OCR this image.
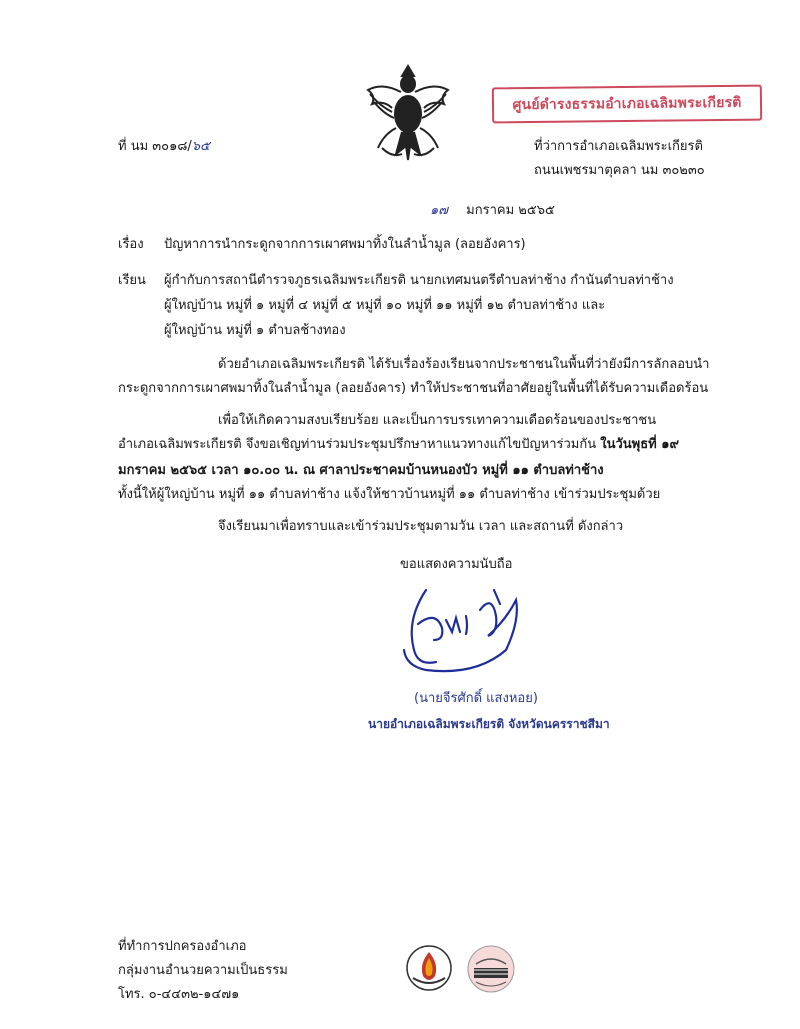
ศูนย์ดำรงธรรมอำเภอเฉลิมพระเกียรติ
ที่ นม ๓๐๑๘/๖๕	ที่ว่าการอำเภอเฉลิมพระเกียรติ
ถนนเพชรมาตุคลา นม ๓๐๒๓๐
๑๗ มกราคม ๒๕๖๕
เรื่อง ปัญหาการนำกระดูกจากการเผาศพมาทิ้งในลำน้ำมูล (ลอยอังคาร)
เรียน ผู้กำกับการสถานีตำรวจภูธรเฉลิมพระเกียรติ นายกเทศมนตรีตำบลท่าช้าง กำนันตำบลท่าช้าง
ผู้ใหญ่บ้าน หมู่ที่ ๑ หมู่ที่ ๔ หมู่ที่ ๕ หมู่ที่ ๑๐ หมู่ที่ ๑๑ หมู่ที่ ๑๒ ตำบลท่าช้าง และ
ผู้ใหญ่บ้าน หมู่ที่ ๑ ตำบลช้างทอง
ด้วยอำเภอเฉลิมพระเกียรติ ได้รับเรื่องร้องเรียนจากประชาชนในพื้นที่ว่ายังมีการลักลอบนำ
กระดูกจากการเผาศพมาทิ้งในลำน้ำมูล (ลอยอังคาร) ทำให้ประชาชนที่อาศัยอยู่ในพื้นที่ได้รับความเดือดร้อน
เพื่อให้เกิดความสงบเรียบร้อย และเป็นการบรรเทาความเดือดร้อนของประชาชน
อำเภอเฉลิมพระเกียรติ จึงขอเชิญท่านร่วมประชุมปรึกษาหาแนวทางแก้ไขปัญหาร่วมกัน ในวันพุธที่ ๑๙
มกราคม ๒๕๖๕ เวลา ๑๐.๐๐ น. ณ ศาลาประชาคมบ้านหนองบัว หมู่ที่ ๑๑ ตำบลท่าช้าง
ทั้งนี้ให้ผู้ใหญ่บ้าน หมู่ที่ ๑๑ ตำบลท่าช้าง แจ้งให้ชาวบ้านหมู่ที่ ๑๑ ตำบลท่าช้าง เข้าร่วมประชุมด้วย
จึงเรียนมาเพื่อทราบและเข้าร่วมประชุมตามวัน เวลา และสถานที่ ดังกล่าว
ขอแสดงความนับถือ
(นายจีรศักดิ์ แสงหอย)
นายอำเภอเฉลิมพระเกียรติ จังหวัดนครราชสีมา
ที่ทำการปกครองอำเภอ
กลุ่มงานอำนวยความเป็นธรรม
โทร. ๐-๔๔๓๒-๑๔๗๑
